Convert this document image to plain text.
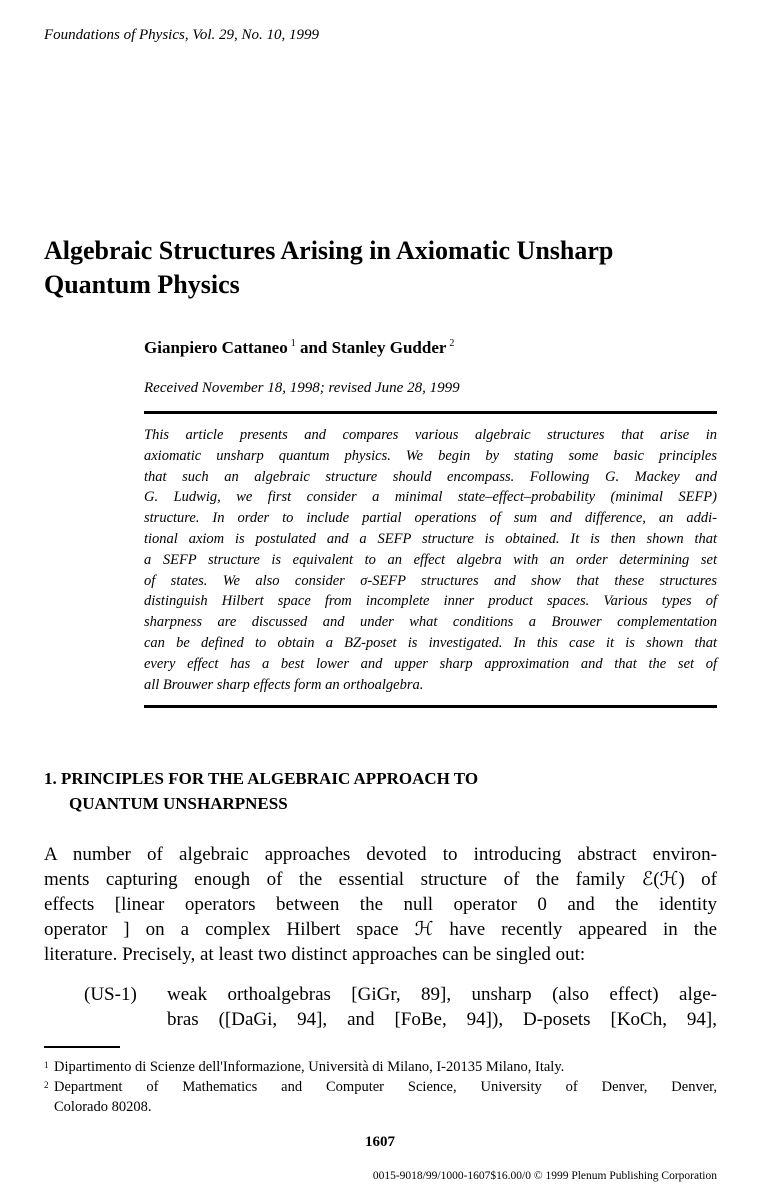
Foundations of Physics, Vol. 29, No. 10, 1999
Algebraic Structures Arising in Axiomatic Unsharp
Quantum Physics
Gianpiero Cattaneo $^1$ and Stanley Gudder $^2$
Received November 18, 1998; revised June 28, 1999
This article presents and compares various algebraic structures that arise in
axiomatic unsharp quantum physics. We begin by stating some basic principles
that such an algebraic structure should encompass. Following G. Mackey and
G. Ludwig, we first consider a minimal state–effect–probability (minimal SEFP)
structure. In order to include partial operations of sum and difference, an addi-
tional axiom is postulated and a SEFP structure is obtained. It is then shown that
a SEFP structure is equivalent to an effect algebra with an order determining set
of states. We also consider σ-SEFP structures and show that these structures
distinguish Hilbert space from incomplete inner product spaces. Various types of
sharpness are discussed and under what conditions a Brouwer complementation
can be defined to obtain a BZ-poset is investigated. In this case it is shown that
every effect has a best lower and upper sharp approximation and that the set of
all Brouwer sharp effects form an orthoalgebra.
1. PRINCIPLES FOR THE ALGEBRAIC APPROACH TO
QUANTUM UNSHARPNESS
A number of algebraic approaches devoted to introducing abstract environ-
ments capturing enough of the essential structure of the family ℰ(ℋ) of
effects [linear operators between the null operator 0 and the identity
operator ] on a complex Hilbert space ℋ have recently appeared in the
literature. Precisely, at least two distinct approaches can be singled out:
(US-1) weak orthoalgebras [GiGr, 89], unsharp (also effect) alge-
bras ([DaGi, 94], and [FoBe, 94]), D-posets [KoCh, 94],
1 Dipartimento di Scienze dell'Informazione, Università di Milano, I-20135 Milano, Italy.
2 Department of Mathematics and Computer Science, University of Denver, Denver,
Colorado 80208.
1607
0015-9018/99/1000-1607$16.00/0 © 1999 Plenum Publishing Corporation
